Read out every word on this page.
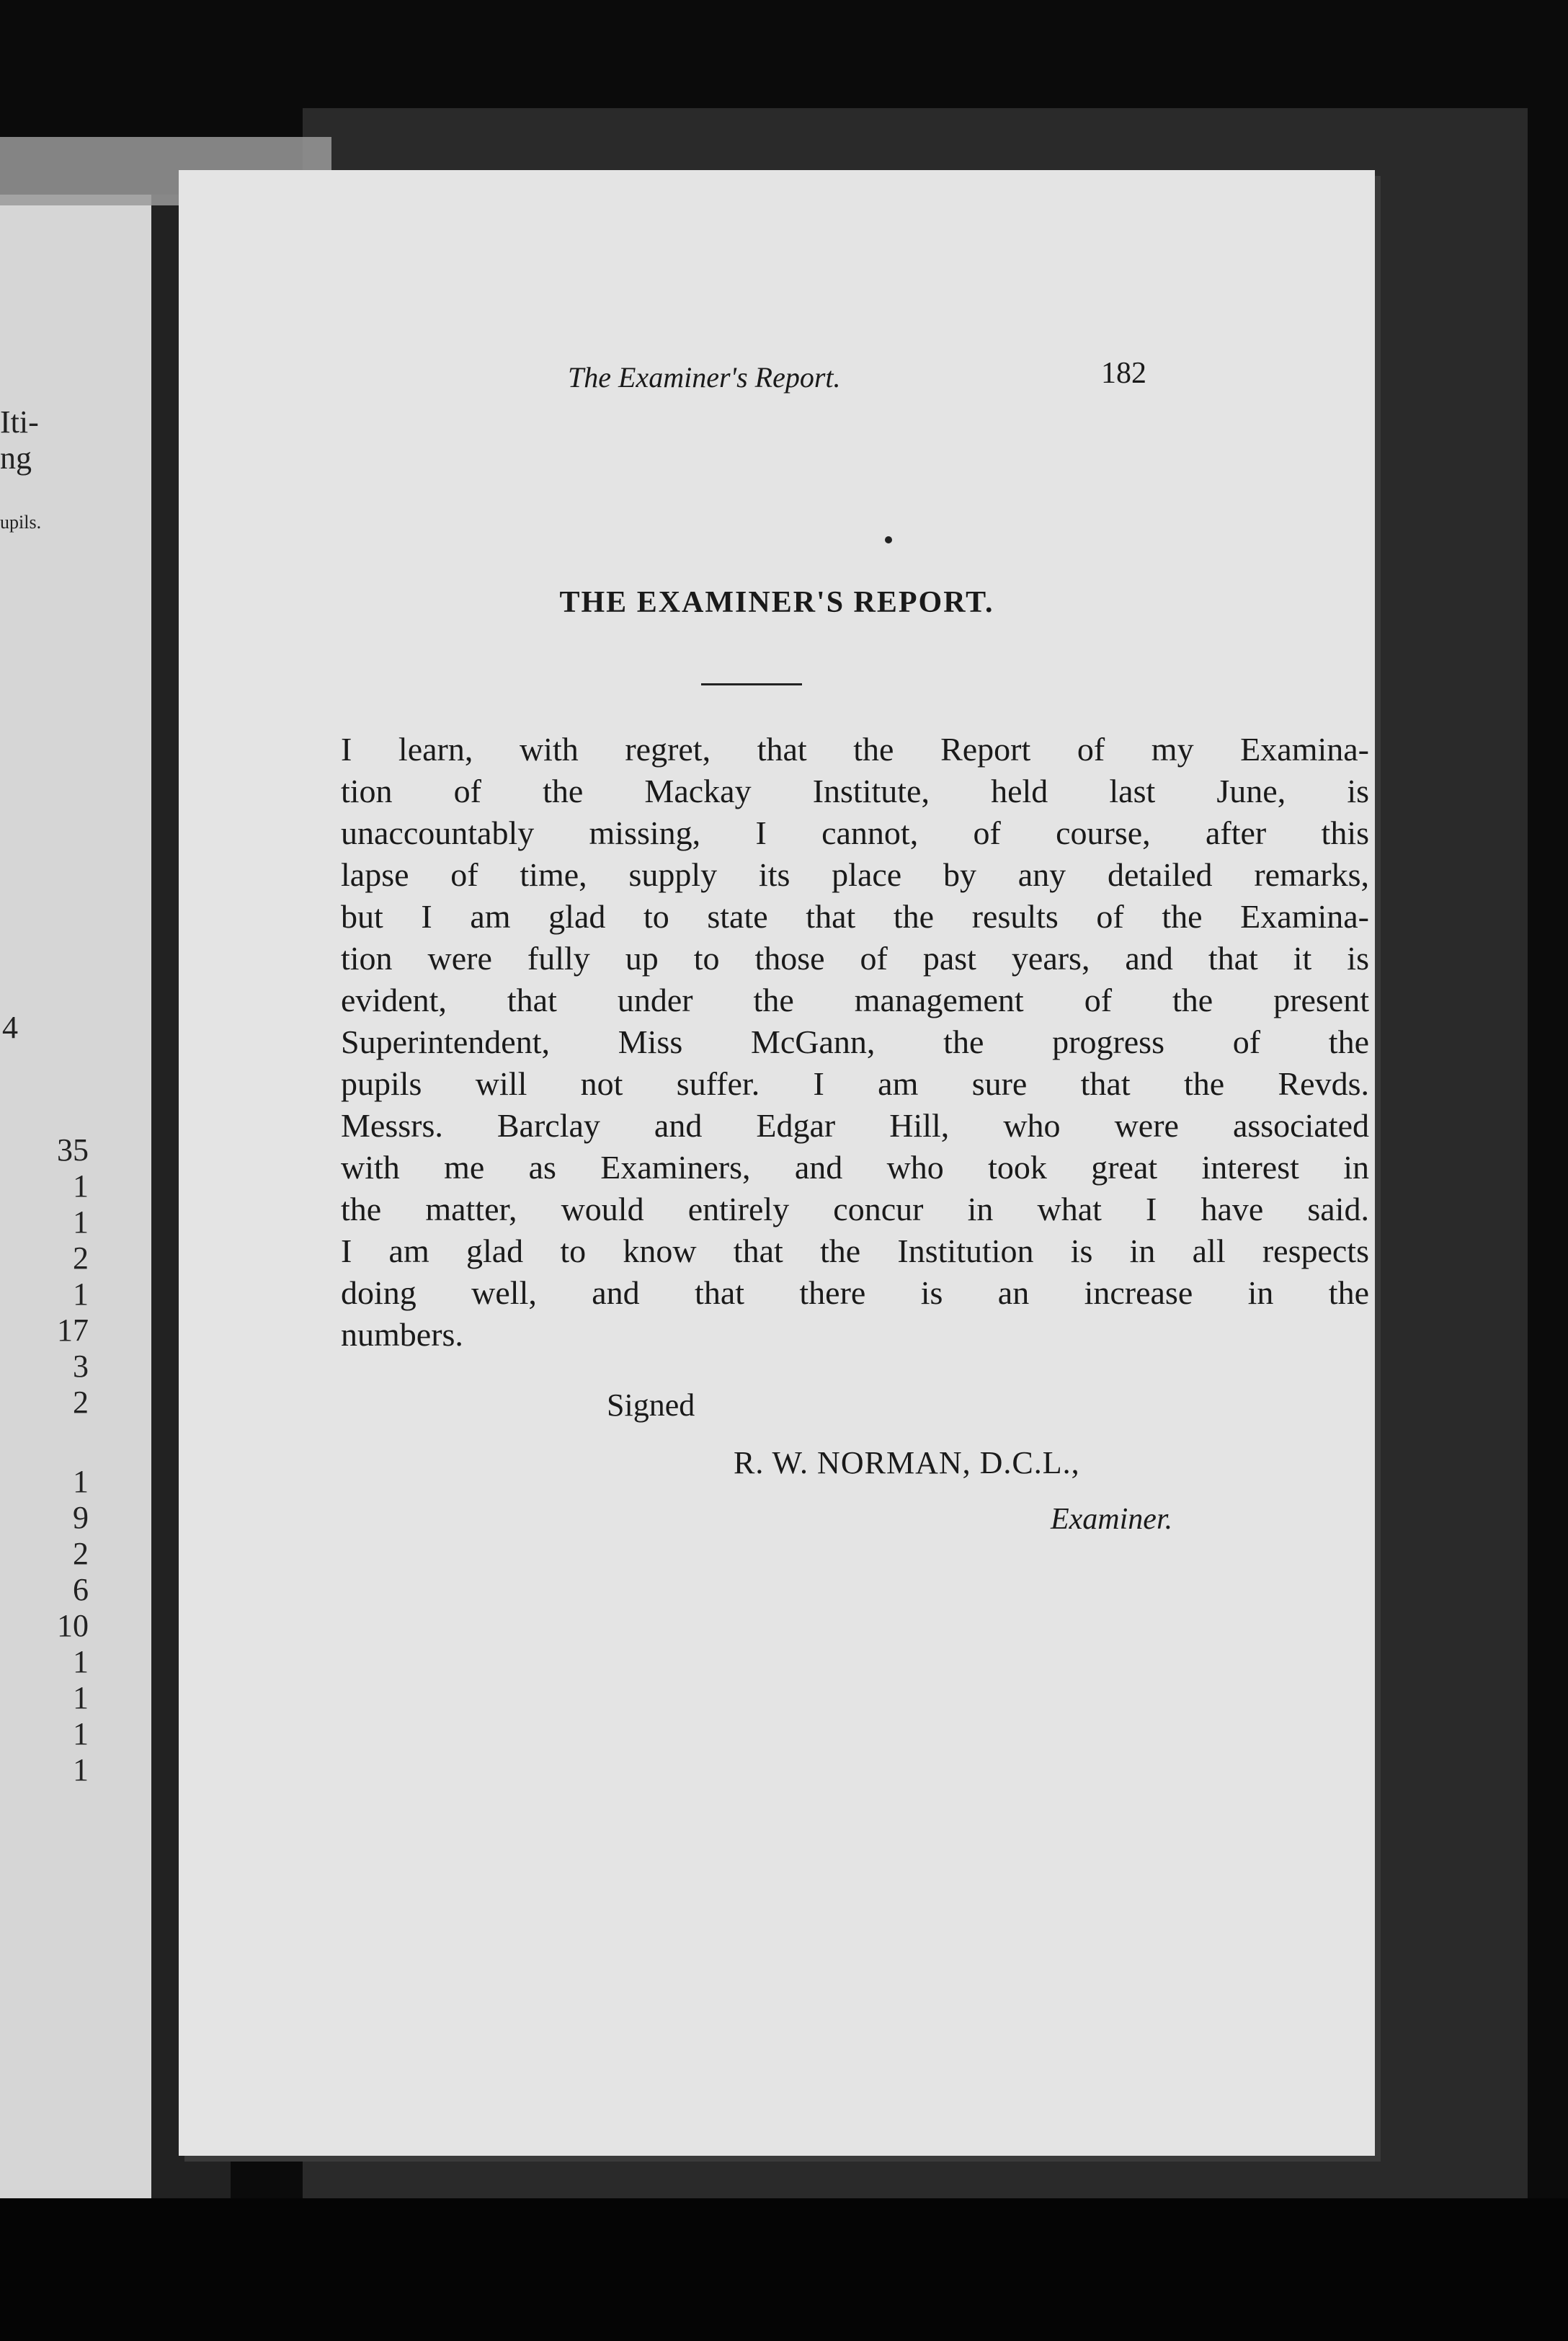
Iti-
ng
upils.
4
35
1
1
2
1
17
3
2
1
9
2
6
10
1
1
1
1
The Examiner's Report.	182
THE EXAMINER'S REPORT.
I learn, with regret, that the Report of my Examina-
tion of the Mackay Institute, held last June, is
unaccountably missing, I cannot, of course, after this
lapse of time, supply its place by any detailed remarks,
but I am glad to state that the results of the Examina-
tion were fully up to those of past years, and that it is
evident, that under the management of the present
Superintendent, Miss McGann, the progress of the
pupils will not suffer. I am sure that the Revds.
Messrs. Barclay and Edgar Hill, who were associated
with me as Examiners, and who took great interest in
the matter, would entirely concur in what I have said.
I am glad to know that the Institution is in all respects
doing well, and that there is an increase in the
numbers.
Signed
R. W. NORMAN, D.C.L.,
Examiner.
